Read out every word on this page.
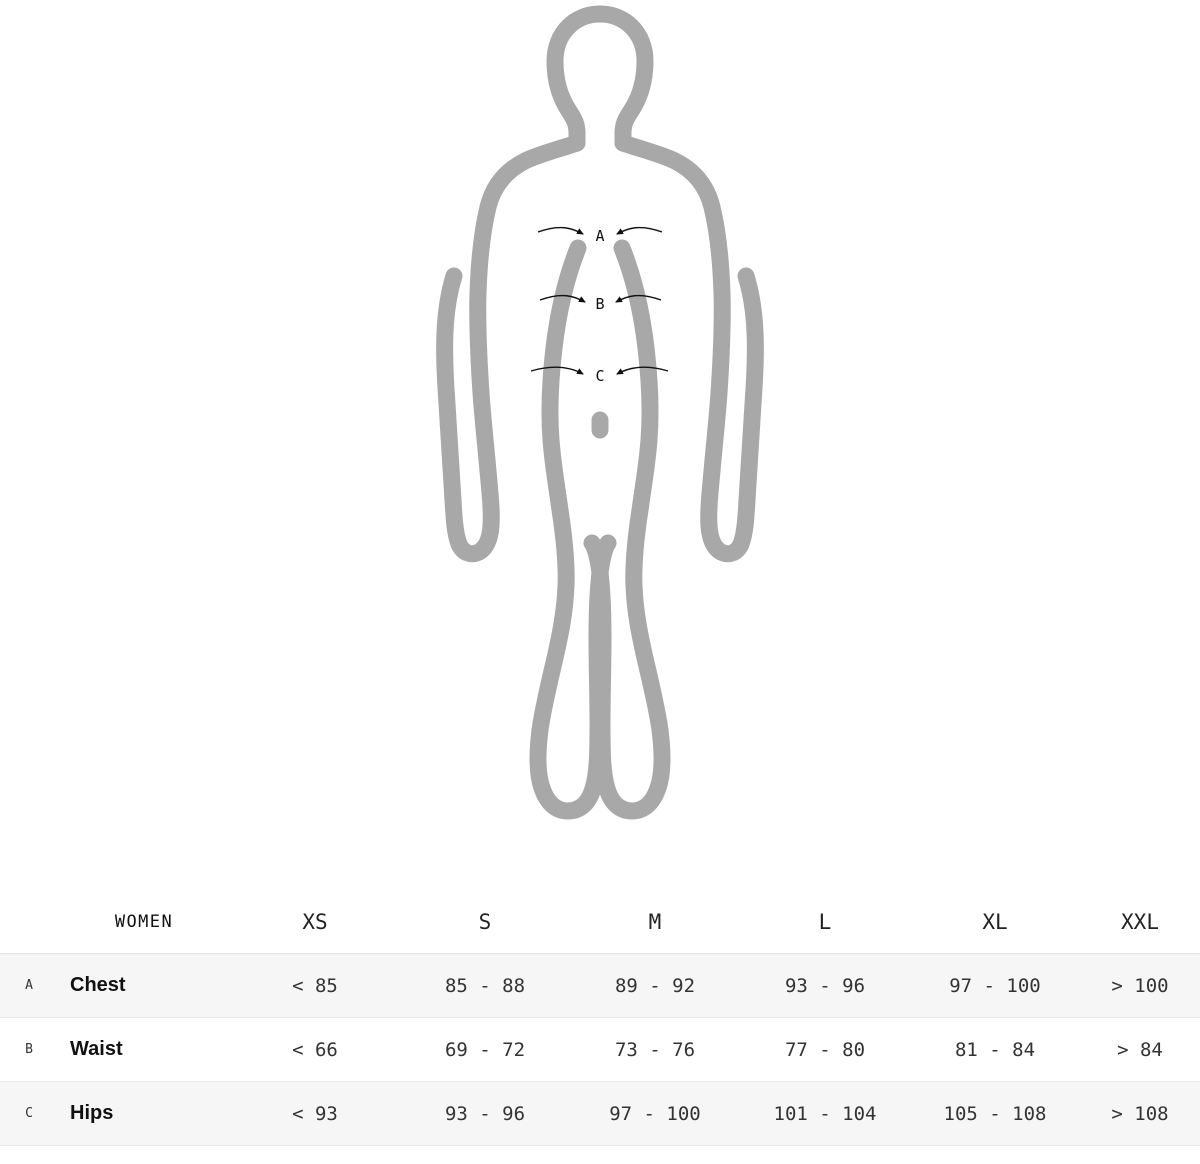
A
B
C
	WOMEN	XS	S	M	L	XL	XXL
A	Chest	< 85	85 - 88	89 - 92	93 - 96	97 - 100	> 100
B	Waist	< 66	69 - 72	73 - 76	77 - 80	81 - 84	> 84
C	Hips	< 93	93 - 96	97 - 100	101 - 104	105 - 108	> 108
